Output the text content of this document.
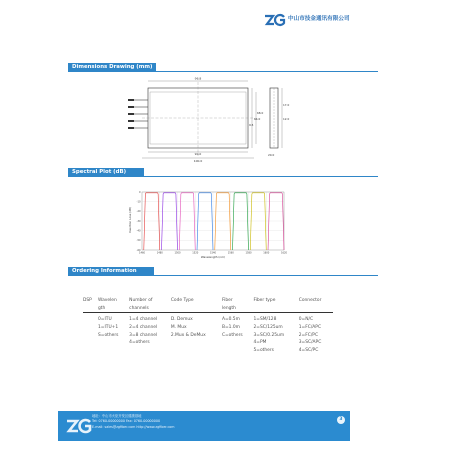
中山市技金通讯有限公司
Dimensions Drawing (mm)
96.8
90.0
100.0
64.0
68.0
9.5
17.0
12.0
20.0
Spectral Plot (dB)
1460	1480	1500	1520	1540	1560	1580	1600	1620
0
-10
-20
-30
-40
-50
-60
Wavelength (nm)
Insertion Loss (dB)
Ordering Information
DSP	Wavelen	Number of	Code Type	Fiber	Fiber type	Connector
	gth	channels		length		

	0=ITU	1=4 channel	D. Demux	A=0.5m	1=SM/128	0=N/C
	1=ITU+1	2=4 channel	M. Mux	B=1.0m	2=SC/125um	1=FC/APC
	S=others	3=8 channel	2.Mux & DeMux	C=others	3=SC/0.25um	2=FC/PC
		4=others			4=PM	3=SC/APC
					5=others	4=SC/PC
地址：中山市火炬开发区健康基地
Tel: 0760-00000000 Fax: 0760-00000000
E-mail: sales@zgfiber.com http://www.zgfiber.com
3
